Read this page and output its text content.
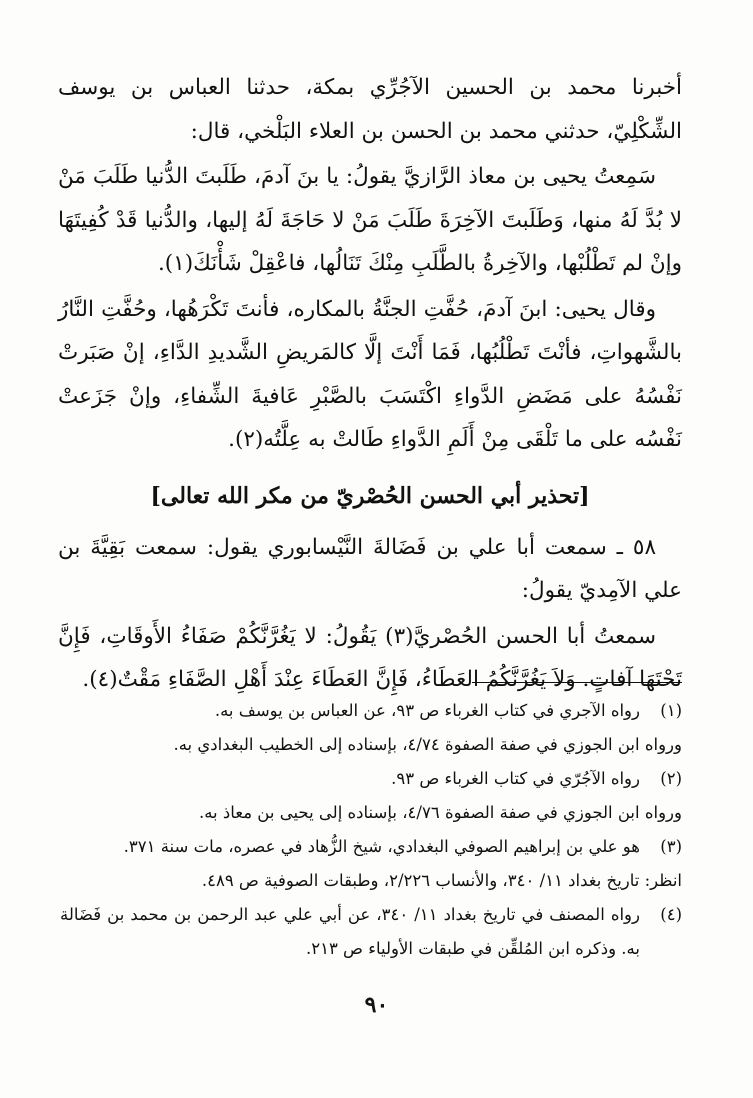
أخبرنا محمد بن الحسين الآجُرِّي بمكة، حدثنا العباس بن يوسف الشِّكْلِيّ، حدثني محمد بن الحسن بن العلاء البَلْخي، قال:

سَمِعتُ يحيى بن معاذ الرَّازيَّ يقولُ: يا بنَ آدمَ، طَلَبتَ الدُّنيا طَلَبَ مَنْ لا بُدَّ لَهُ منها، وَطَلَبتَ الآخِرَةَ طَلَبَ مَنْ لا حَاجَةَ لَهُ إليها، والدُّنيا قَدْ كُفِيتَهَا وإنْ لم تَطْلُبْها، والآخِرةُ بالطَّلَبِ مِنْكَ تَنَالُها، فاعْقِلْ شَأْنَكَ(١).

وقال يحيى: ابنَ آدمَ، حُفَّتِ الجنَّةُ بالمكاره، فأنتَ تَكْرَهُها، وحُفَّتِ النَّارُ بالشَّهواتِ، فأنْتَ تَطْلُبُها، فَمَا أَنْتَ إلَّا كالمَريضِ الشَّديدِ الدَّاءِ، إنْ صَبَرتْ نَفْسُهُ على مَضَضِ الدَّواءِ اكْتَسَبَ بالصَّبْرِ عَافيةَ الشِّفاءِ، وإنْ جَزَعتْ نَفْسُه على ما تَلْقَى مِنْ أَلَمِ الدَّواءِ طَالتْ به عِلَّتُه(٢).

[تحذير أبي الحسن الحُصْريّ من مكر الله تعالى]

٥٨ ـ سمعت أبا علي بن فَضَالةَ النَّيْسابوري يقول: سمعت بَقِيَّةَ بن علي الآمِديّ يقولُ:

سمعتُ أبا الحسن الحُصْريَّ(٣) يَقُولُ: لا يَغُرَّنَّكُمْ صَفَاءُ الأَوقَاتِ، فَإِنَّ تَحْتَهَا آفاتٍ. وَلاَ يَغُرَّنَّكُمُ العَطَاءُ، فَإِنَّ العَطَاءَ عِنْدَ أَهْلِ الصَّفَاءِ مَقْتٌ(٤).

(١)
رواه الآجري في كتاب الغرباء ص ٩٣، عن العباس بن يوسف به.

ورواه ابن الجوزي في صفة الصفوة ٤/٧٤، بإسناده إلى الخطيب البغدادي به.

(٢)
رواه الآجُرّي في كتاب الغرباء ص ٩٣.

ورواه ابن الجوزي في صفة الصفوة ٤/٧٦، بإسناده إلى يحيى بن معاذ به.

(٣)
هو علي بن إبراهيم الصوفي البغدادي، شيخ الزُّهاد في عصره، مات سنة ٣٧١.

انظر: تاريخ بغداد ١١/ ٣٤٠، والأنساب ٢/٢٢٦، وطبقات الصوفية ص ٤٨٩.

(٤)
رواه المصنف في تاريخ بغداد ١١/ ٣٤٠، عن أبي علي عبد الرحمن بن محمد بن فَضَالة به. وذكره ابن المُلقِّن في طبقات الأولياء ص ٢١٣.
٩٠
